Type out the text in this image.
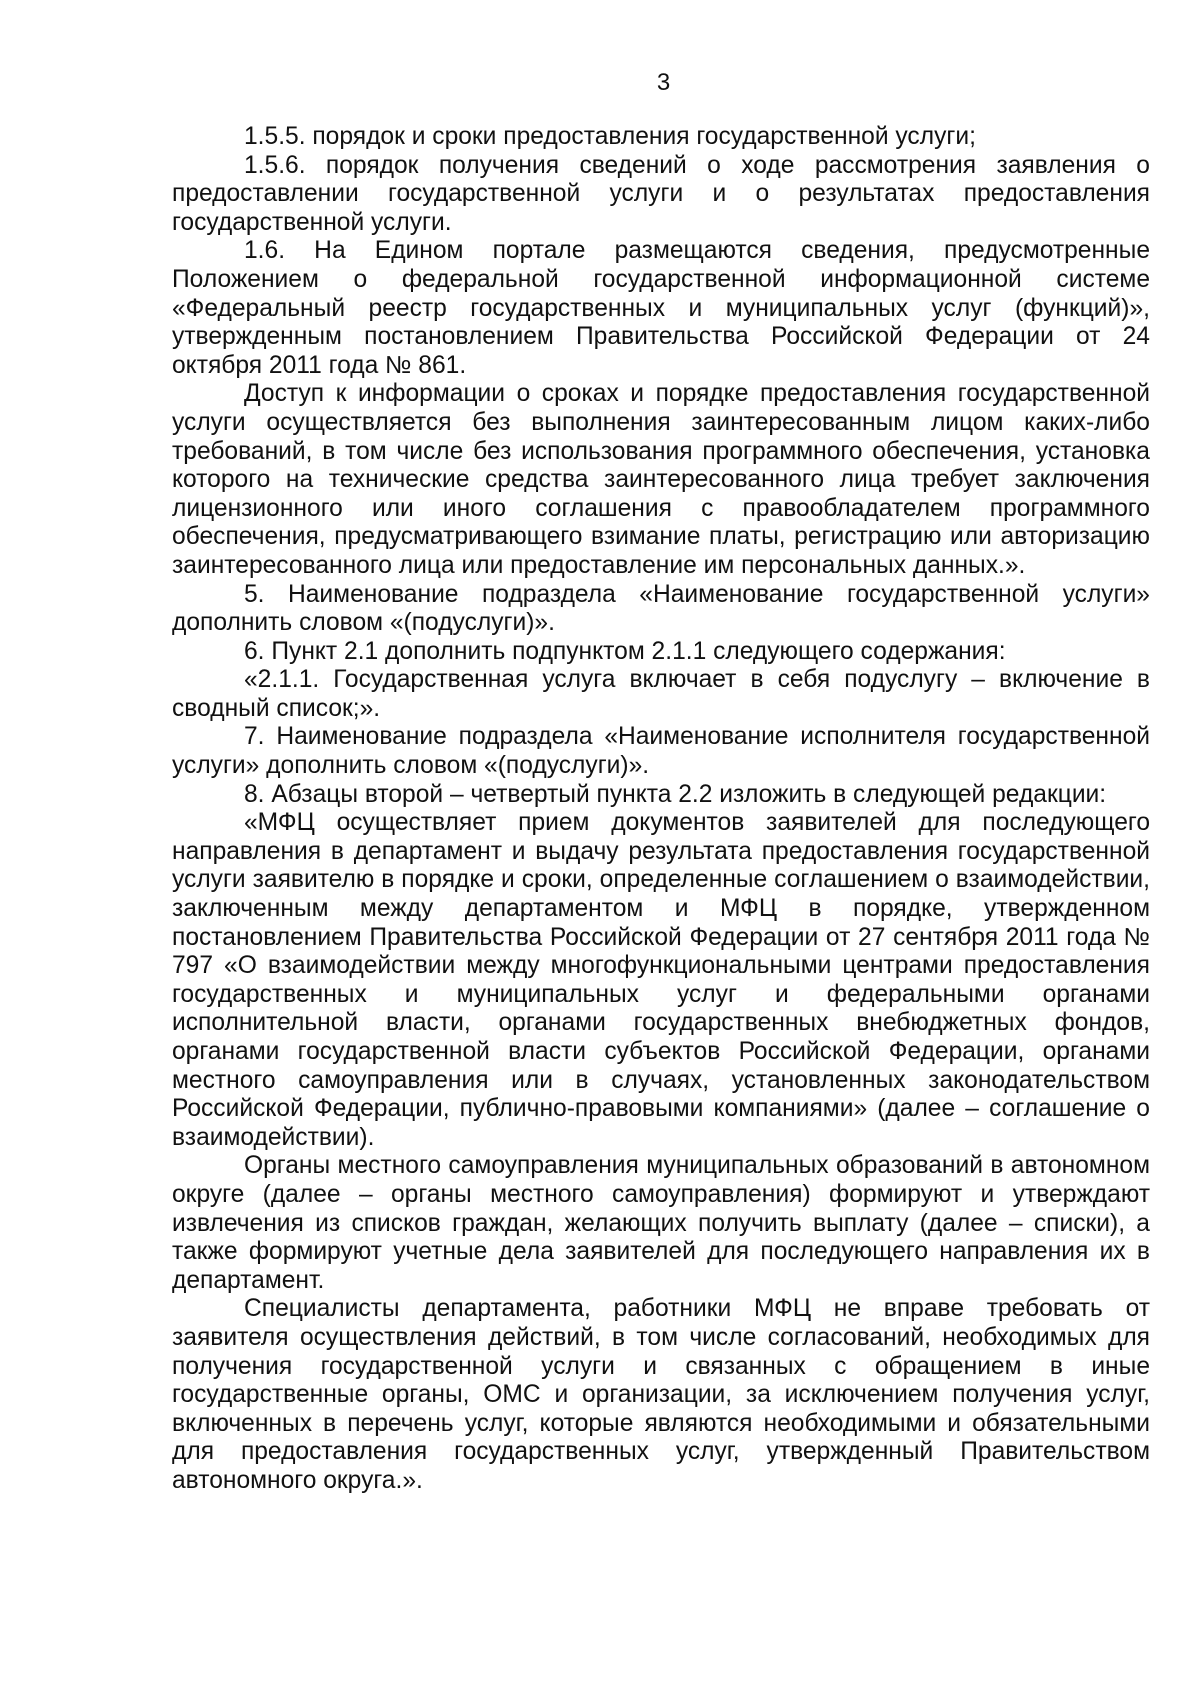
3

1.5.5. порядок и сроки предоставления государственной услуги;

1.5.6. порядок получения сведений о ходе рассмотрения заявления о предоставлении государственной услуги и о результатах предоставления государственной услуги.

1.6. На Едином портале размещаются сведения, предусмотренные Положением о федеральной государственной информационной системе «Федеральный реестр государственных и муниципальных услуг (функций)», утвержденным постановлением Правительства Российской Федерации от 24 октября 2011 года № 861.

Доступ к информации о сроках и порядке предоставления государственной услуги осуществляется без выполнения заинтересованным лицом каких-либо требований, в том числе без использования программного обеспечения, установка которого на технические средства заинтересованного лица требует заключения лицензионного или иного соглашения с правообладателем программного обеспечения, предусматривающего взимание платы, регистрацию или авторизацию заинтересованного лица или предоставление им персональных данных.».

5. Наименование подраздела «Наименование государственной услуги» дополнить словом «(подуслуги)».

6. Пункт 2.1 дополнить подпунктом 2.1.1 следующего содержания:

«2.1.1. Государственная услуга включает в себя подуслугу – включение в сводный список;».

7. Наименование подраздела «Наименование исполнителя государственной услуги» дополнить словом «(подуслуги)».

8. Абзацы второй – четвертый пункта 2.2 изложить в следующей редакции:

«МФЦ осуществляет прием документов заявителей для последующего направления в департамент и выдачу результата предоставления государственной услуги заявителю в порядке и сроки, определенные соглашением о взаимодействии, заключенным между департаментом и МФЦ в порядке, утвержденном постановлением Правительства Российской Федерации от 27 сентября 2011 года № 797 «О взаимодействии между многофункциональными центрами предоставления государственных и муниципальных услуг и федеральными органами исполнительной власти, органами государственных внебюджетных фондов, органами государственной власти субъектов Российской Федерации, органами местного самоуправления или в случаях, установленных законодательством Российской Федерации, публично-правовыми компаниями» (далее – соглашение о взаимодействии).

Органы местного самоуправления муниципальных образований в автономном округе (далее – органы местного самоуправления) формируют и утверждают извлечения из списков граждан, желающих получить выплату (далее – списки), а также формируют учетные дела заявителей для последующего направления их в департамент.

Специалисты департамента, работники МФЦ не вправе требовать от заявителя осуществления действий, в том числе согласований, необходимых для получения государственной услуги и связанных с обращением в иные государственные органы, ОМС и организации, за исключением получения услуг, включенных в перечень услуг, которые являются необходимыми и обязательными для предоставления государственных услуг, утвержденный Правительством автономного округа.».
